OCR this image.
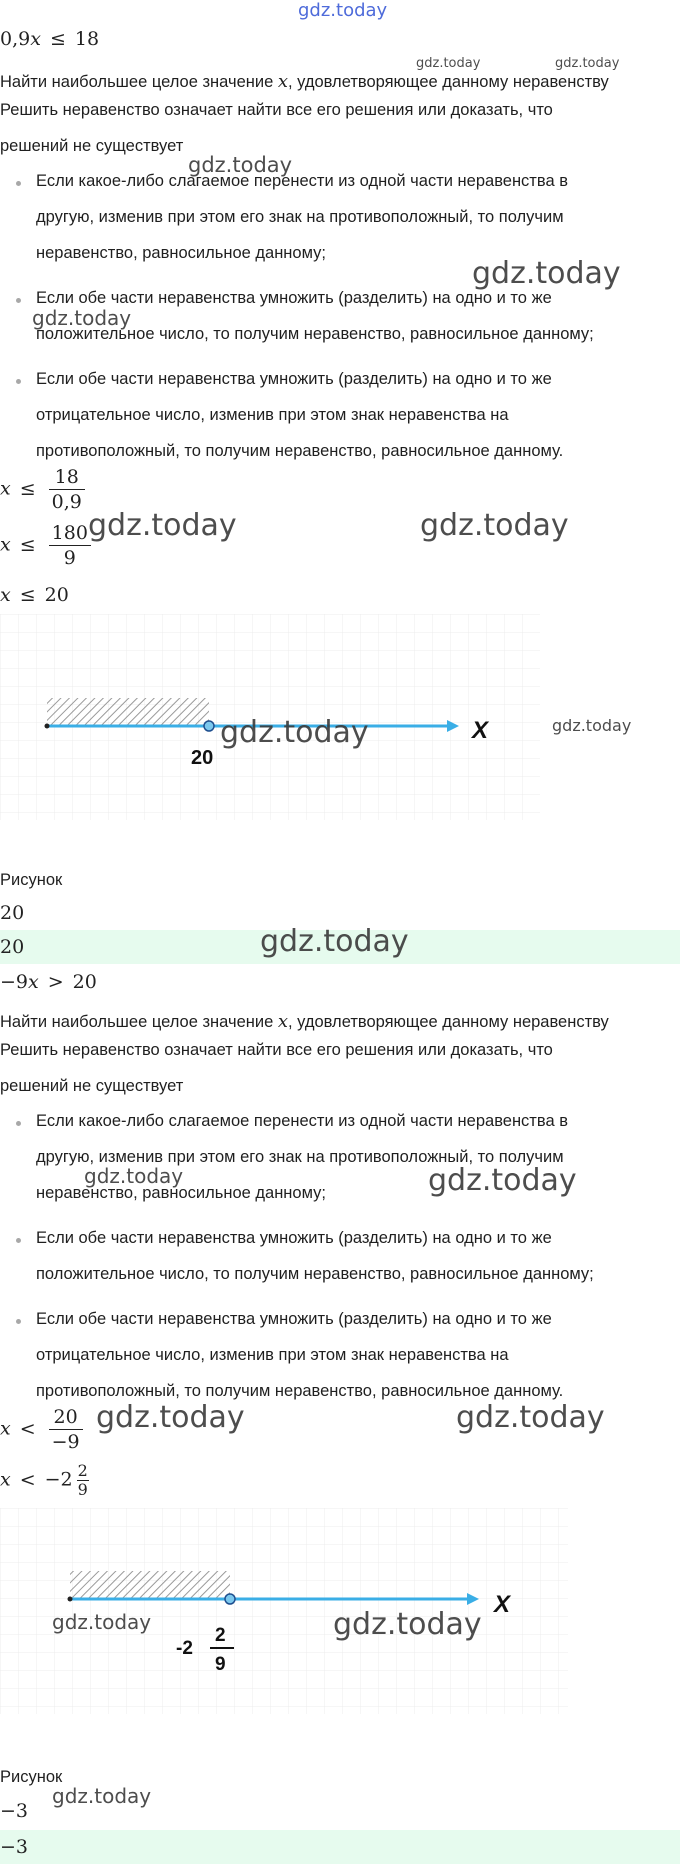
gdz.today
0,9x ≤ 18
Найти наибольшее целое значение x, удовлетворяющее данному неравенству
Решить неравенство означает найти все его решения или доказать, что
решений не существует
Если какое-либо слагаемое перенести из одной части неравенства в
другую, изменив при этом его знак на противоположный, то получим
неравенство, равносильное данному;
Если обе части неравенства умножить (разделить) на одно и то же
положительное число, то получим неравенство, равносильное данному;
Если обе части неравенства умножить (разделить) на одно и то же
отрицательное число, изменив при этом знак неравенства на
противоположный, то получим неравенство, равносильное данному.
$x \le \frac{18}{0,9}$
$x \le \frac{180}{9}$
x ≤ 20
20
X
Рисунок
20
20
−9x > 20
Найти наибольшее целое значение x, удовлетворяющее данному неравенству
Решить неравенство означает найти все его решения или доказать, что
решений не существует
Если какое-либо слагаемое перенести из одной части неравенства в
другую, изменив при этом его знак на противоположный, то получим
неравенство, равносильное данному;
Если обе части неравенства умножить (разделить) на одно и то же
положительное число, то получим неравенство, равносильное данному;
Если обе части неравенства умножить (разделить) на одно и то же
отрицательное число, изменив при этом знак неравенства на
противоположный, то получим неравенство, равносильное данному.
$x < \frac{20}{-9}$
$x < -2 \frac{2}{9}$
-2
2
9
X
Рисунок
−3
−3
gdz.today	gdz.today
gdz.today
gdz.today
gdz.today
gdz.today	gdz.today
gdz.today	gdz.today
gdz.today
gdz.today	gdz.today
gdz.today	gdz.today
gdz.today	gdz.today
gdz.today
